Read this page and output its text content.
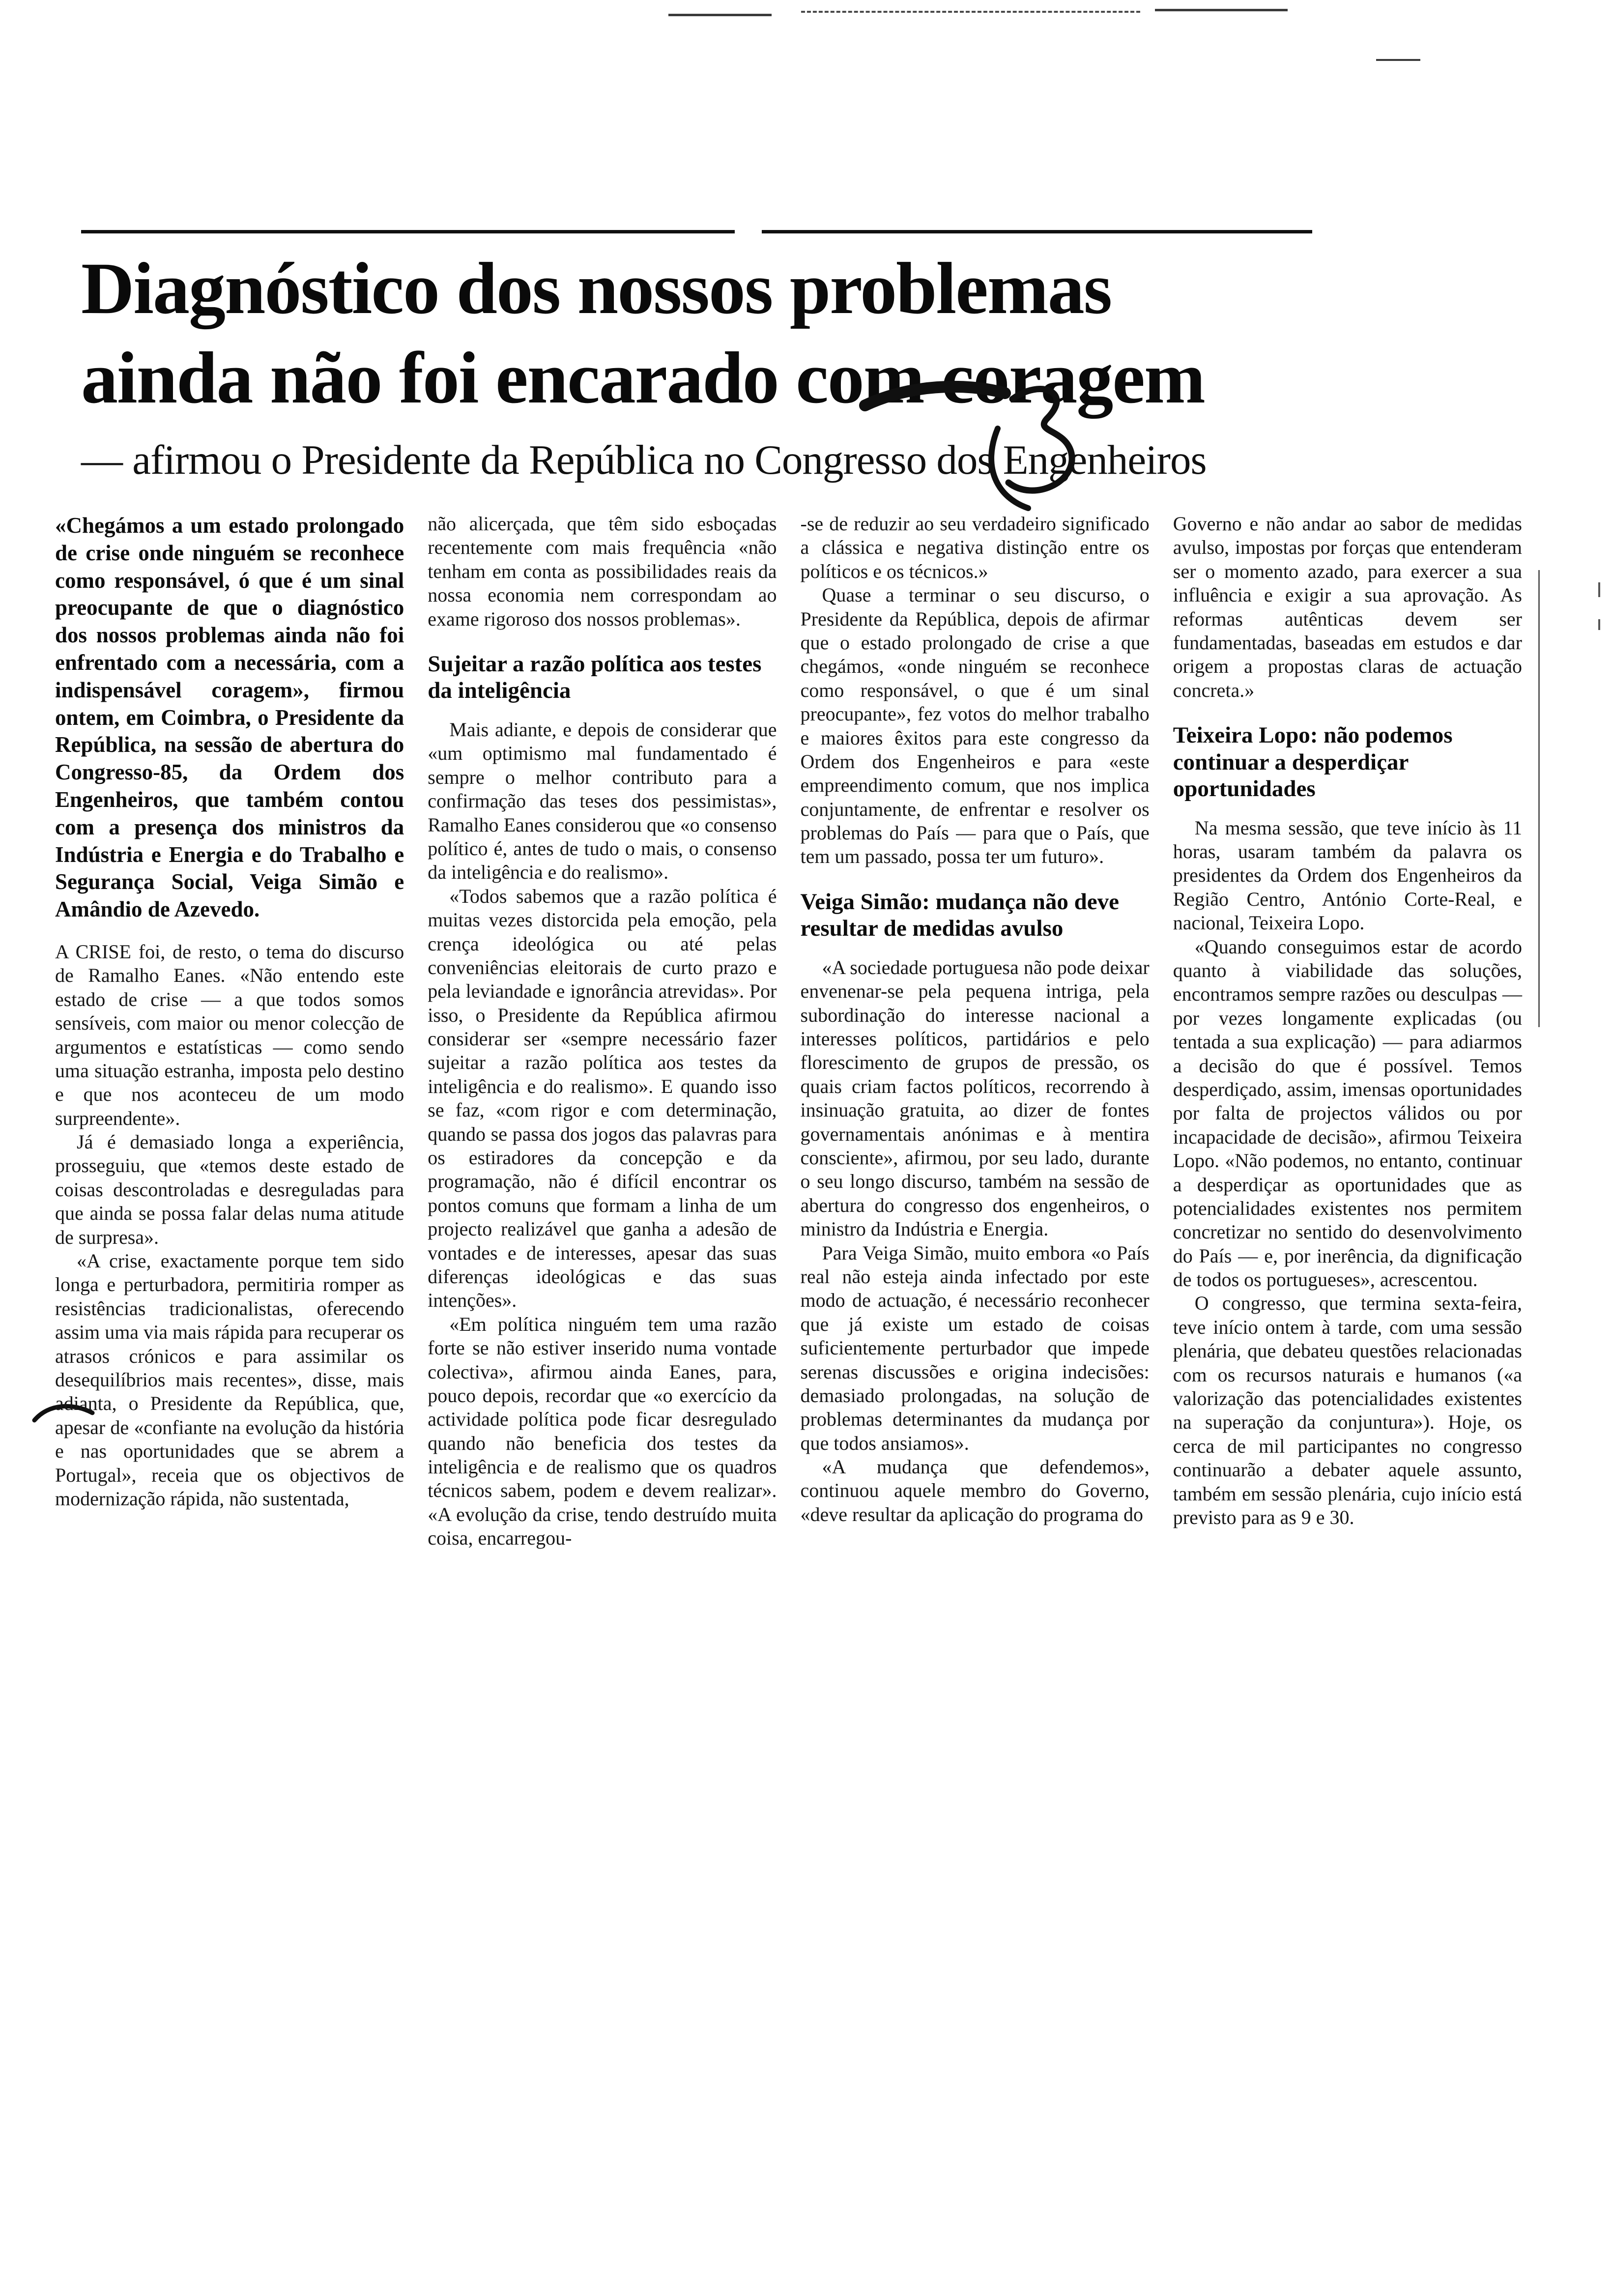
Diagnóstico dos nossos problemas
ainda não foi encarado com coragem
— afirmou o Presidente da República no Congresso dos Engenheiros

«Chegámos a um estado prolongado de crise onde ninguém se reconhece como responsável, ó que é um sinal preocupante de que o diagnóstico dos nossos problemas ainda não foi enfrentado com a necessária, com a indispensável coragem», firmou ontem, em Coimbra, o Presidente da República, na sessão de abertura do Congresso-85, da Ordem dos Engenheiros, que também contou com a presença dos ministros da Indústria e Energia e do Trabalho e Segurança Social, Veiga Simão e Amândio de Azevedo.

A CRISE foi, de resto, o tema do discurso de Ramalho Eanes. «Não entendo este estado de crise — a que todos somos sensíveis, com maior ou menor colecção de argumentos e estatísticas — como sendo uma situação estranha, imposta pelo destino e que nos aconteceu de um modo surpreendente».

Já é demasiado longa a experiência, prosseguiu, que «temos deste estado de coisas descontroladas e desreguladas para que ainda se possa falar delas numa atitude de surpresa».

«A crise, exactamente porque tem sido longa e perturbadora, permitiria romper as resistências tradicionalistas, oferecendo assim uma via mais rápida para recuperar os atrasos crónicos e para assimilar os desequilíbrios mais recentes», disse, mais adianta, o Presidente da República, que, apesar de «confiante na evolução da história e nas oportunidades que se abrem a Portugal», receia que os objectivos de modernização rápida, não sustentada,

não alicerçada, que têm sido esboçadas recentemente com mais frequência «não tenham em conta as possibilidades reais da nossa economia nem correspondam ao exame rigoroso dos nossos problemas».

Sujeitar a razão política aos testes da inteligência

Mais adiante, e depois de considerar que «um optimismo mal fundamentado é sempre o melhor contributo para a confirmação das teses dos pessimistas», Ramalho Eanes considerou que «o consenso político é, antes de tudo o mais, o consenso da inteligência e do realismo».

«Todos sabemos que a razão política é muitas vezes distorcida pela emoção, pela crença ideológica ou até pelas conveniências eleitorais de curto prazo e pela leviandade e ignorância atrevidas». Por isso, o Presidente da República afirmou considerar ser «sempre necessário fazer sujeitar a razão política aos testes da inteligência e do realismo». E quando isso se faz, «com rigor e com determinação, quando se passa dos jogos das palavras para os estiradores da concepção e da programação, não é difícil encontrar os pontos comuns que formam a linha de um projecto realizável que ganha a adesão de vontades e de interesses, apesar das suas diferenças ideológicas e das suas intenções».

«Em política ninguém tem uma razão forte se não estiver inserido numa vontade colectiva», afirmou ainda Eanes, para, pouco depois, recordar que «o exercício da actividade política pode ficar desregulado quando não beneficia dos testes da inteligência e de realismo que os quadros técnicos sabem, podem e devem realizar». «A evolução da crise, tendo destruído muita coisa, encarregou-

-se de reduzir ao seu verdadeiro significado a clássica e negativa distinção entre os políticos e os técnicos.»

Quase a terminar o seu discurso, o Presidente da República, depois de afirmar que o estado prolongado de crise a que chegámos, «onde ninguém se reconhece como responsável, o que é um sinal preocupante», fez votos do melhor trabalho e maiores êxitos para este congresso da Ordem dos Engenheiros e para «este empreendimento comum, que nos implica conjuntamente, de enfrentar e resolver os problemas do País — para que o País, que tem um passado, possa ter um futuro».

Veiga Simão: mudança não deve resultar de medidas avulso

«A sociedade portuguesa não pode deixar envenenar-se pela pequena intriga, pela subordinação do interesse nacional a interesses políticos, partidários e pelo florescimento de grupos de pressão, os quais criam factos políticos, recorrendo à insinuação gratuita, ao dizer de fontes governamentais anónimas e à mentira consciente», afirmou, por seu lado, durante o seu longo discurso, também na sessão de abertura do congresso dos engenheiros, o ministro da Indústria e Energia.

Para Veiga Simão, muito embora «o País real não esteja ainda infectado por este modo de actuação, é necessário reconhecer que já existe um estado de coisas suficientemente perturbador que impede serenas discussões e origina indecisões: demasiado prolongadas, na solução de problemas determinantes da mudança por que todos ansiamos».

«A mudança que defendemos», continuou aquele membro do Governo, «deve resultar da aplicação do programa do

Governo e não andar ao sabor de medidas avulso, impostas por forças que entenderam ser o momento azado, para exercer a sua influência e exigir a sua aprovação. As reformas autênticas devem ser fundamentadas, baseadas em estudos e dar origem a propostas claras de actuação concreta.»

Teixeira Lopo: não podemos continuar a desperdiçar oportunidades

Na mesma sessão, que teve início às 11 horas, usaram também da palavra os presidentes da Ordem dos Engenheiros da Região Centro, António Corte-Real, e nacional, Teixeira Lopo.

«Quando conseguimos estar de acordo quanto à viabilidade das soluções, encontramos sempre razões ou desculpas — por vezes longamente explicadas (ou tentada a sua explicação) — para adiarmos a decisão do que é possível. Temos desperdiçado, assim, imensas oportunidades por falta de projectos válidos ou por incapacidade de decisão», afirmou Teixeira Lopo. «Não podemos, no entanto, continuar a desperdiçar as oportunidades que as potencialidades existentes nos permitem concretizar no sentido do desenvolvimento do País — e, por inerência, da dignificação de todos os portugueses», acrescentou.

O congresso, que termina sexta-feira, teve início ontem à tarde, com uma sessão plenária, que debateu questões relacionadas com os recursos naturais e humanos («a valorização das potencialidades existentes na superação da conjuntura»). Hoje, os cerca de mil participantes no congresso continuarão a debater aquele assunto, também em sessão plenária, cujo início está previsto para as 9 e 30.
